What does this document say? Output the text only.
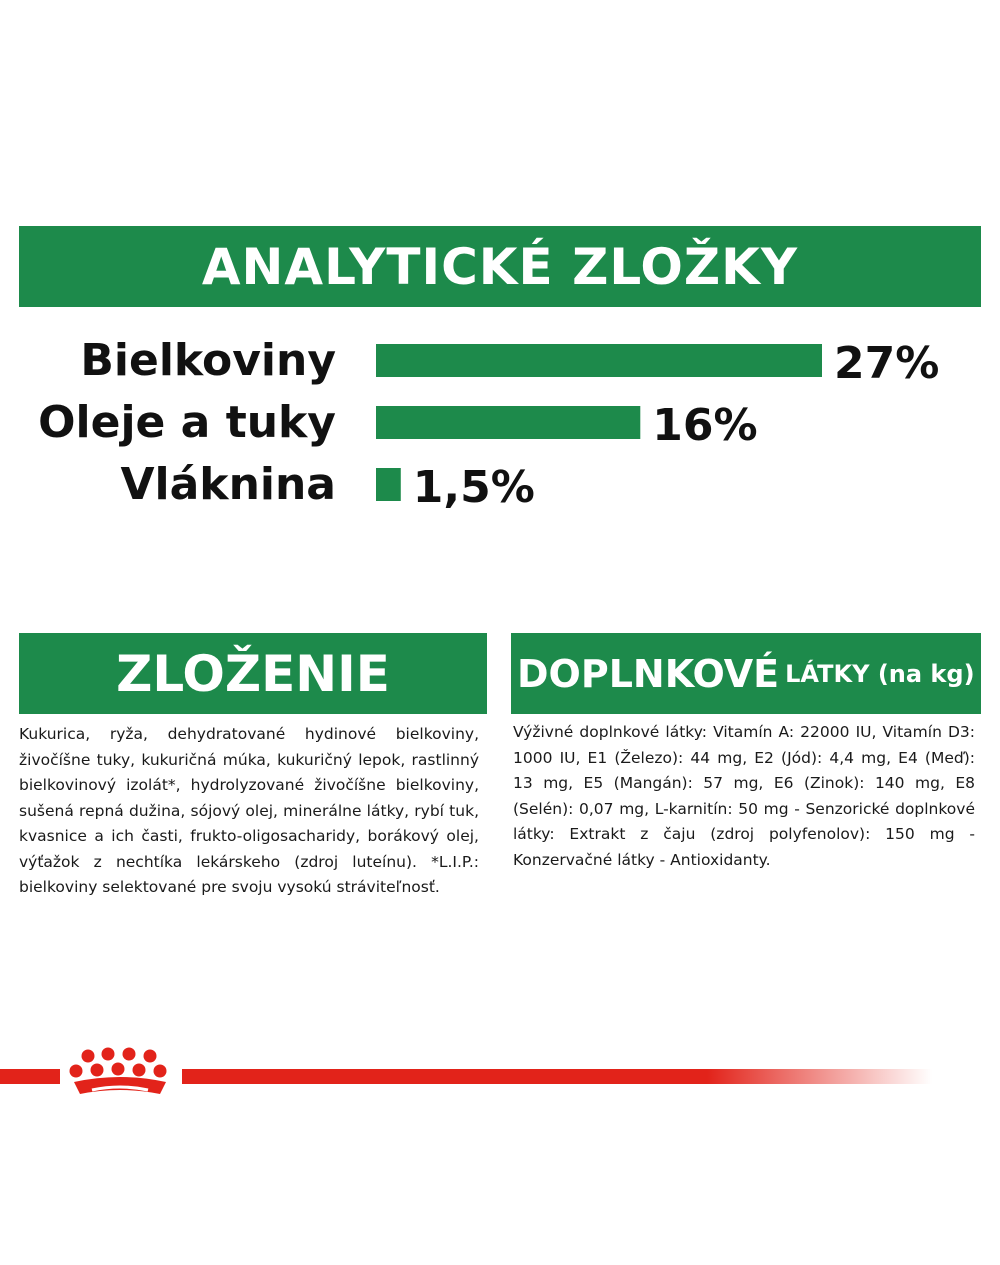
ANALYTICKÉ ZLOŽKY
Bielkoviny	27%
Oleje a tuky	16%
Vláknina 1,5%
ZLOŽENIE	DOPLNKOVÉ LÁTKY (na kg)

Kukurica, ryža, dehydratované hydinové bielkoviny, živočíšne tuky, kukuričná múka, kukuričný lepok, rastlinný bielkovinový izolát*, hydrolyzované živočíšne bielkoviny, sušená repná dužina, sójový olej, minerálne látky, rybí tuk, kvasnice a ich časti, frukto-oligosacharidy, borákový olej, výťažok z nechtíka lekárskeho (zdroj luteínu). *L.I.P.: bielkoviny selektované pre svoju vysokú stráviteľnosť.

Výživné doplnkové látky: Vitamín A: 22000 IU, Vitamín D3: 1000 IU, E1 (Železo): 44 mg, E2 (Jód): 4,4 mg, E4 (Meď): 13 mg, E5 (Mangán): 57 mg, E6 (Zinok): 140 mg, E8 (Selén): 0,07 mg, L-karnitín: 50 mg - Senzorické doplnkové látky: Extrakt z čaju (zdroj polyfenolov): 150 mg - Konzervačné látky - Antioxidanty.
